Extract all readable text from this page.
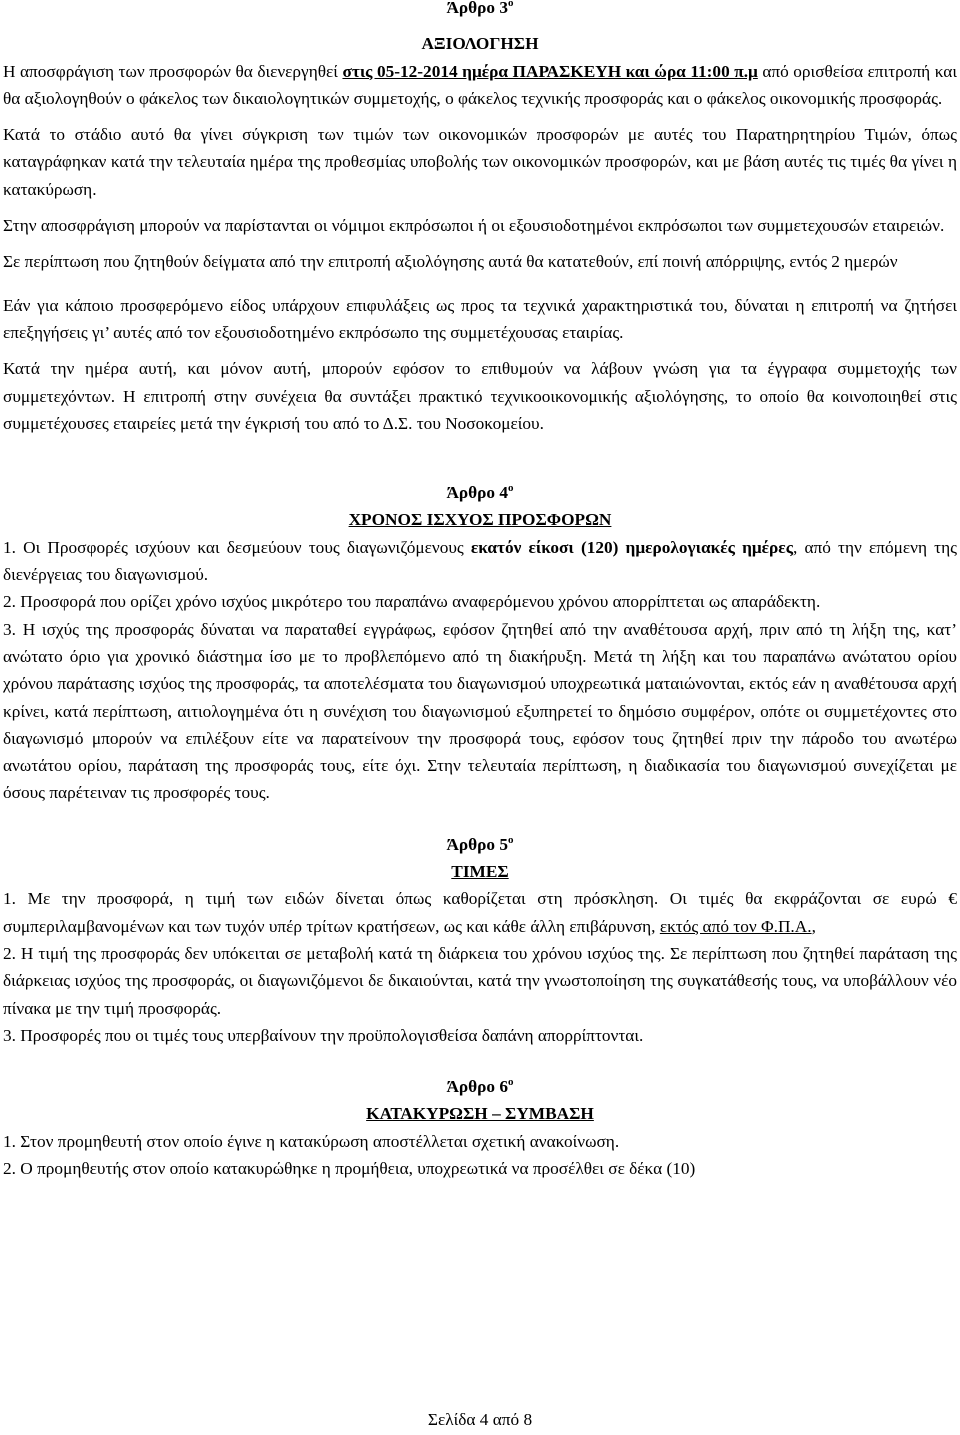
Άρθρο $3^o$
ΑΞΙΟΛΟΓΗΣΗ

Η αποσφράγιση των προσφορών θα διενεργηθεί στις 05-12-2014 ημέρα ΠΑΡΑΣΚΕΥΗ και ώρα 11:00 π.μ από ορισθείσα επιτροπή και θα αξιολογηθούν ο φάκελος των δικαιολογητικών συμμετοχής, ο φάκελος τεχνικής προσφοράς και ο φάκελος οικονομικής προσφοράς.

Κατά το στάδιο αυτό θα γίνει σύγκριση των τιμών των οικονομικών προσφορών με αυτές του Παρατηρητηρίου Τιμών, όπως καταγράφηκαν κατά την τελευταία ημέρα της προθεσμίας υποβολής των οικονομικών προσφορών, και με βάση αυτές τις τιμές θα γίνει η κατακύρωση.

Στην αποσφράγιση μπορούν να παρίστανται οι νόμιμοι εκπρόσωποι ή οι εξουσιοδοτημένοι εκπρόσωποι των συμμετεχουσών εταιρειών.

Σε περίπτωση που ζητηθούν δείγματα από την επιτροπή αξιολόγησης αυτά θα κατατεθούν, επί ποινή απόρριψης, εντός 2 ημερών

Εάν για κάποιο προσφερόμενο είδος υπάρχουν επιφυλάξεις ως προς τα τεχνικά χαρακτηριστικά του, δύναται η επιτροπή να ζητήσει επεξηγήσεις γι’ αυτές από τον εξουσιοδοτημένο εκπρόσωπο της συμμετέχουσας εταιρίας.

Κατά την ημέρα αυτή, και μόνον αυτή, μπορούν εφόσον το επιθυμούν να λάβουν γνώση για τα έγγραφα συμμετοχής των συμμετεχόντων. Η επιτροπή στην συνέχεια θα συντάξει πρακτικό τεχνικοοικονομικής αξιολόγησης, το οποίο θα κοινοποιηθεί στις συμμετέχουσες εταιρείες μετά την έγκρισή του από το Δ.Σ. του Νοσοκομείου.

Άρθρο $4^o$
ΧΡΟΝΟΣ ΙΣΧΥΟΣ ΠΡΟΣΦΟΡΩΝ

1. Οι Προσφορές ισχύουν και δεσμεύουν τους διαγωνιζόμενους εκατόν είκοσι (120) ημερολογιακές ημέρες, από την επόμενη της διενέργειας του διαγωνισμού.

2. Προσφορά που ορίζει χρόνο ισχύος μικρότερο του παραπάνω αναφερόμενου χρόνου απορρίπτεται ως απαράδεκτη.

3. Η ισχύς της προσφοράς δύναται να παραταθεί εγγράφως, εφόσον ζητηθεί από την αναθέτουσα αρχή, πριν από τη λήξη της, κατ’ ανώτατο όριο για χρονικό διάστημα ίσο με το προβλεπόμενο από τη διακήρυξη. Μετά τη λήξη και του παραπάνω ανώτατου ορίου χρόνου παράτασης ισχύος της προσφοράς, τα αποτελέσματα του διαγωνισμού υποχρεωτικά ματαιώνονται, εκτός εάν η αναθέτουσα αρχή κρίνει, κατά περίπτωση, αιτιολογημένα ότι η συνέχιση του διαγωνισμού εξυπηρετεί το δημόσιο συμφέρον, οπότε οι συμμετέχοντες στο διαγωνισμό μπορούν να επιλέξουν είτε να παρατείνουν την προσφορά τους, εφόσον τους ζητηθεί πριν την πάροδο του ανωτέρω ανωτάτου ορίου, παράταση της προσφοράς τους, είτε όχι. Στην τελευταία περίπτωση, η διαδικασία του διαγωνισμού συνεχίζεται με όσους παρέτειναν τις προσφορές τους.

Άρθρο $5^o$
ΤΙΜΕΣ

1. Με την προσφορά, η τιμή των ειδών δίνεται όπως καθορίζεται στη πρόσκληση. Οι τιμές θα εκφράζονται σε ευρώ € συμπεριλαμβανομένων και των τυχόν υπέρ τρίτων κρατήσεων, ως και κάθε άλλη επιβάρυνση, εκτός από τον Φ.Π.Α.,

2. Η τιμή της προσφοράς δεν υπόκειται σε μεταβολή κατά τη διάρκεια του χρόνου ισχύος της. Σε περίπτωση που ζητηθεί παράταση της διάρκειας ισχύος της προσφοράς, οι διαγωνιζόμενοι δε δικαιούνται, κατά την γνωστοποίηση της συγκατάθεσής τους, να υποβάλλουν νέο πίνακα με την τιμή προσφοράς.

3. Προσφορές που οι τιμές τους υπερβαίνουν την προϋπολογισθείσα δαπάνη απορρίπτονται.

Άρθρο $6^o$
ΚΑΤΑΚΥΡΩΣΗ – ΣΥΜΒΑΣΗ

1. Στον προμηθευτή στον οποίο έγινε η κατακύρωση αποστέλλεται σχετική ανακοίνωση.

2. Ο προμηθευτής στον οποίο κατακυρώθηκε η προμήθεια, υποχρεωτικά να προσέλθει σε δέκα (10)

Σελίδα 4 από 8
